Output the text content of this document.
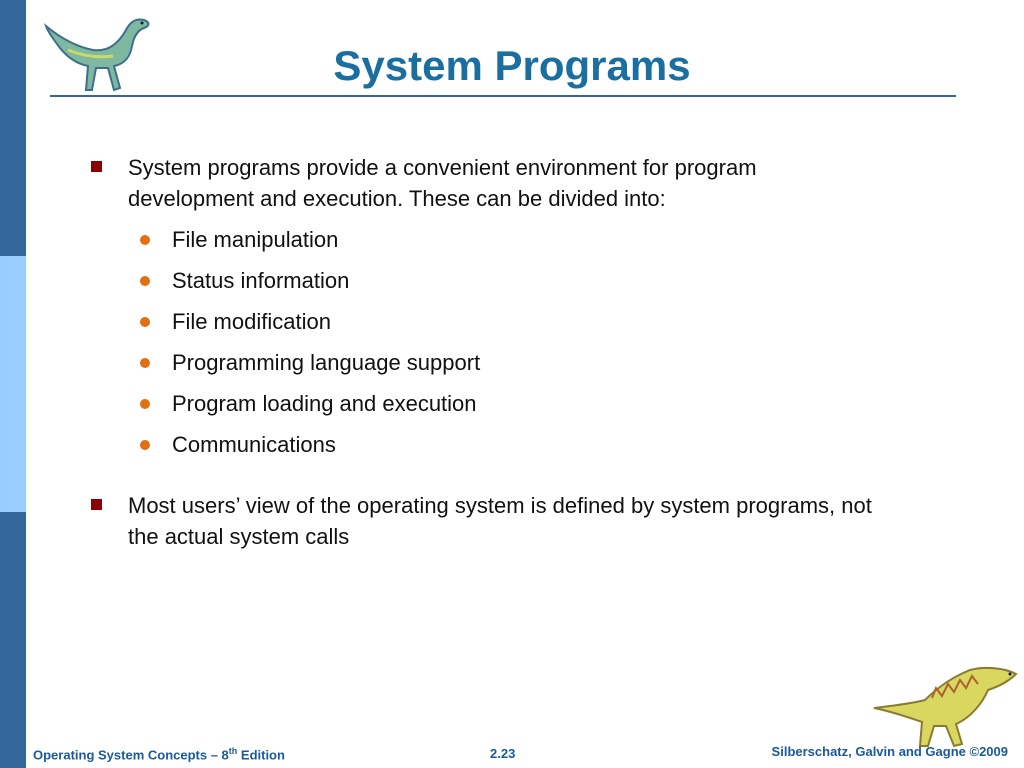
System Programs
System programs provide a convenient environment for program development and execution. These can be divided into:
File manipulation
Status information
File modification
Programming language support
Program loading and execution
Communications
Most users’ view of the operating system is defined by system programs, not the actual system calls
Operating System Concepts – 8th Edition	2.23	Silberschatz, Galvin and Gagne ©2009
